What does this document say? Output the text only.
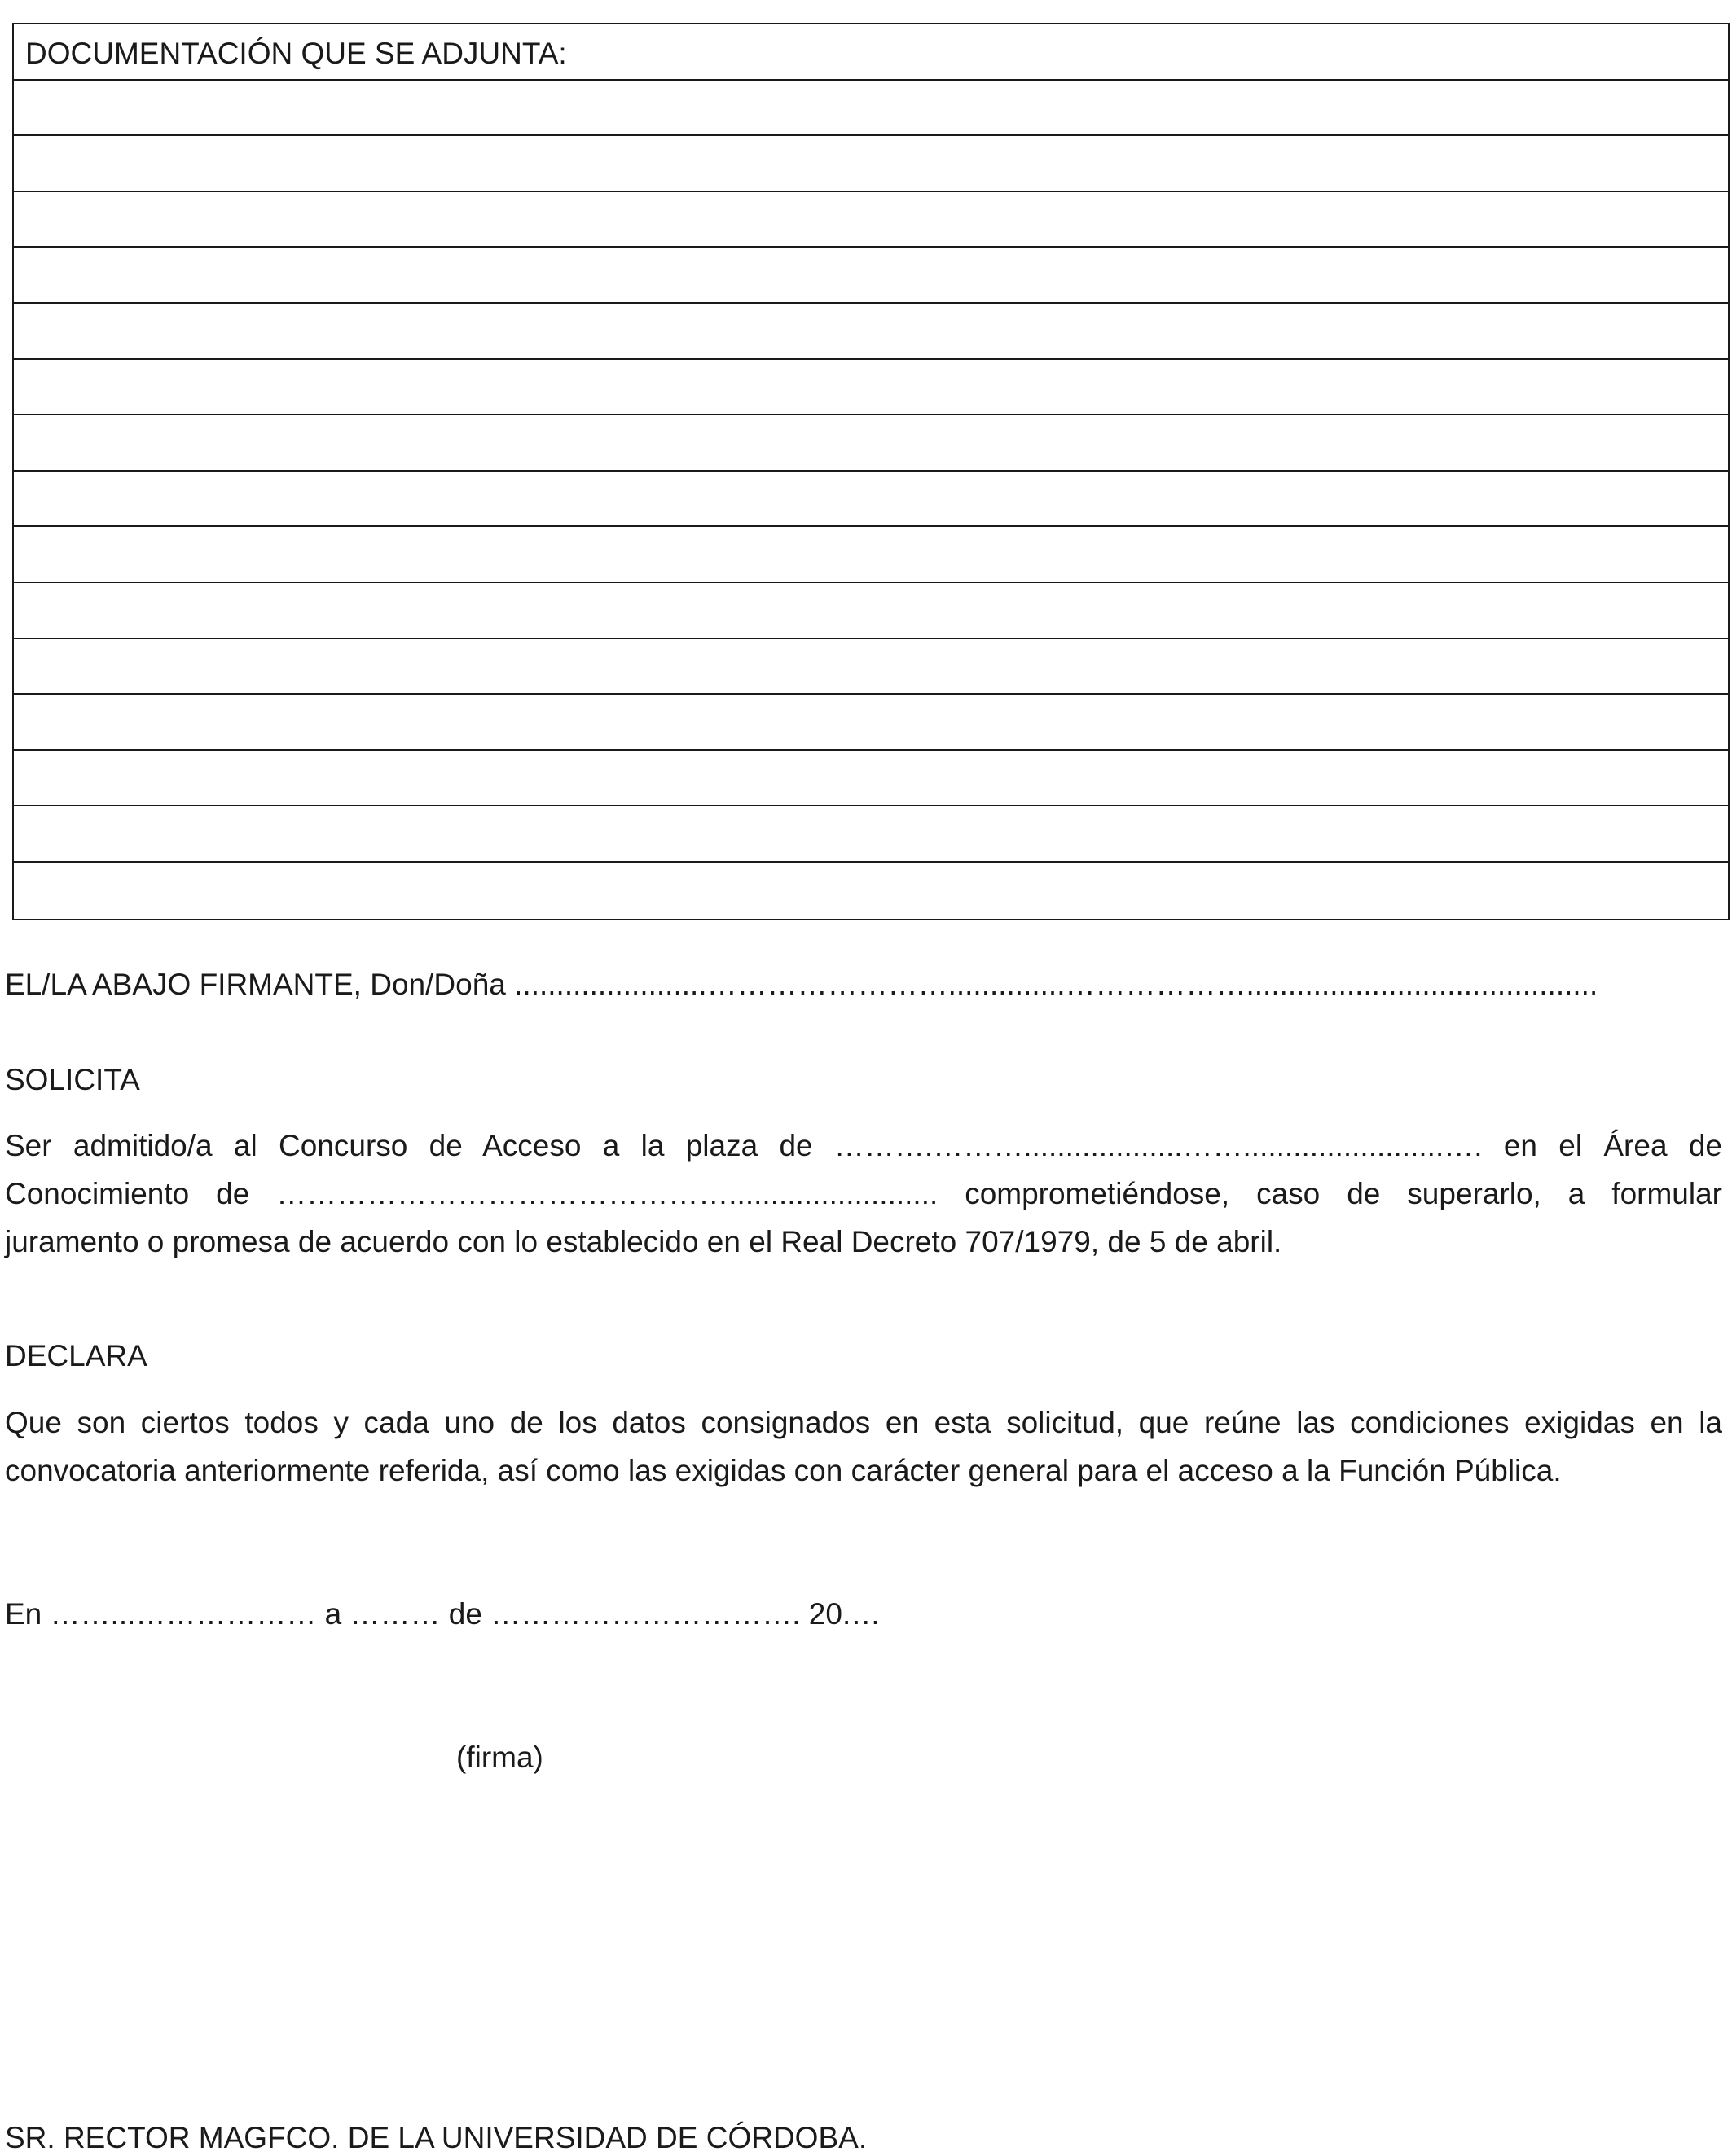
DOCUMENTACIÓN QUE SE ADJUNTA:
EL/LA ABAJO FIRMANTE, Don/Doña .......................……………………..............………………..........................................
SOLICITA
Ser admitido/a al Concurso de Acceso a la plaza de ……….………...................……........................…. en el Área de
Conocimiento de ………………………………………......................... comprometiéndose, caso de superarlo, a formular
juramento o promesa de acuerdo con lo establecido en el Real Decreto 707/1979, de 5 de abril.
DECLARA
Que son ciertos todos y cada uno de los datos consignados en esta solicitud, que reúne las condiciones exigidas en la
convocatoria anteriormente referida, así como las exigidas con carácter general para el acceso a la Función Pública.
En ……...……………… a ……… de …………………………. 20.…
(firma)
SR. RECTOR MAGFCO. DE LA UNIVERSIDAD DE CÓRDOBA.
